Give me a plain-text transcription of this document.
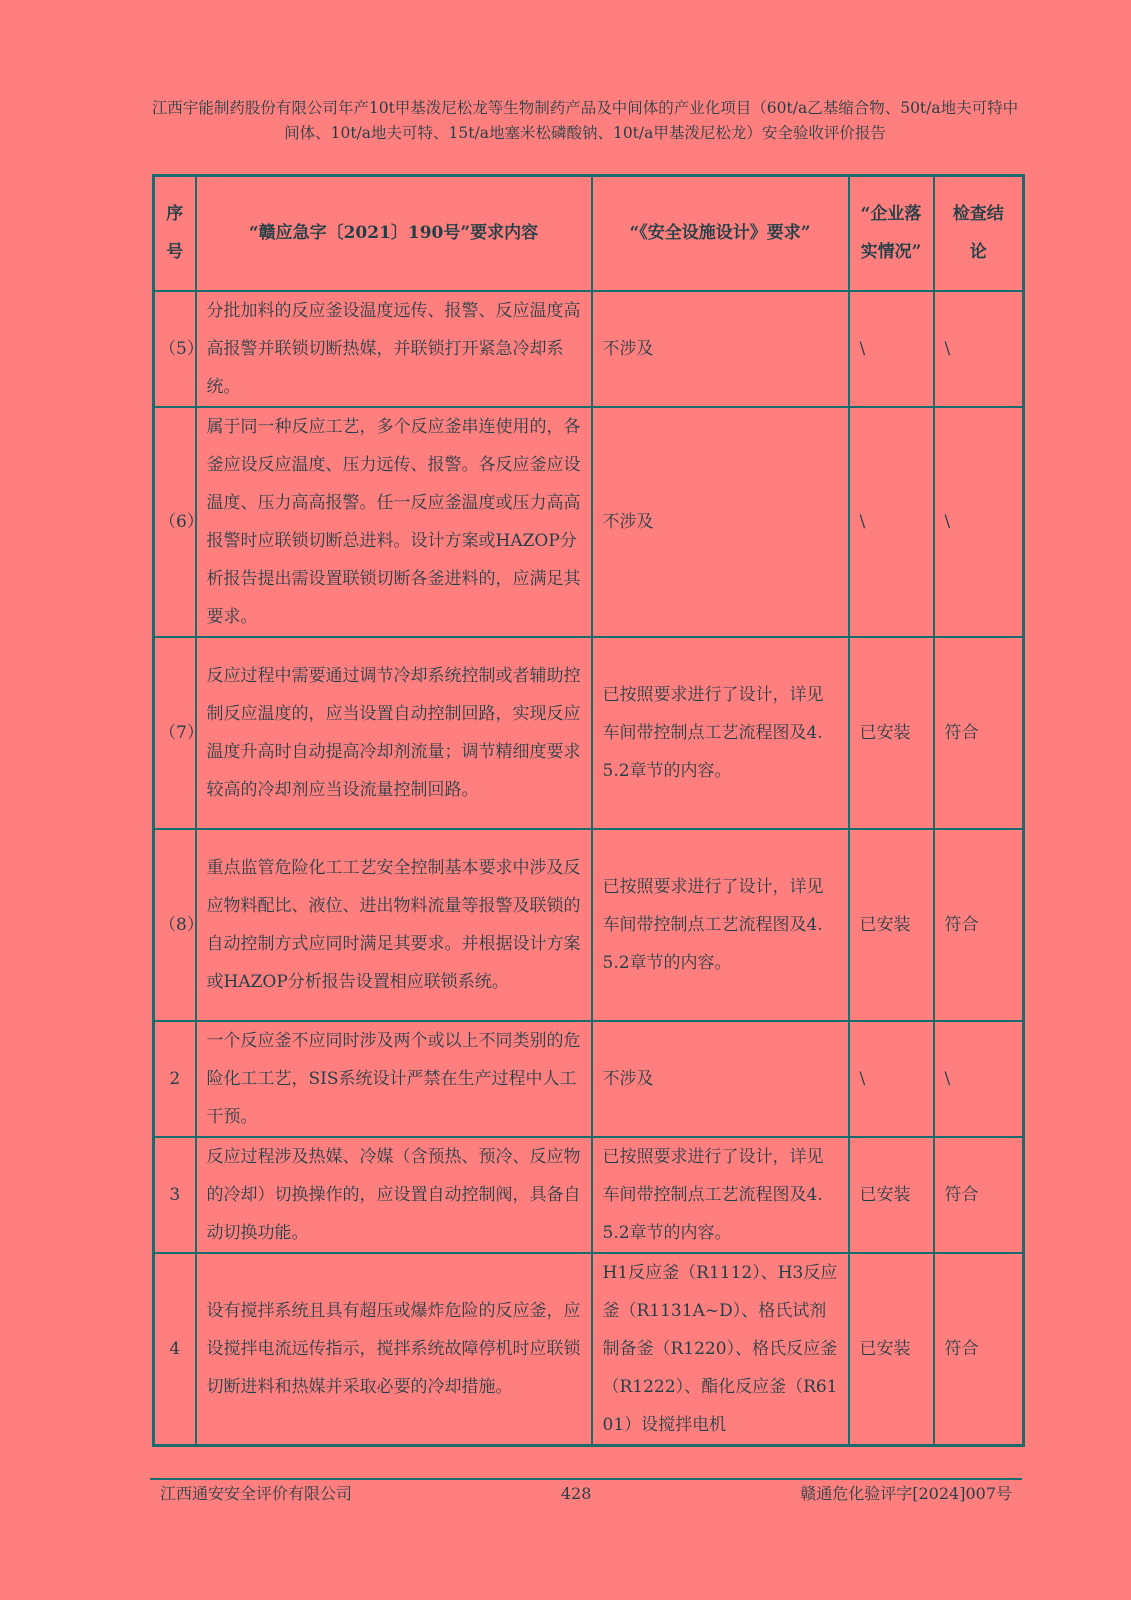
江西宇能制药股份有限公司年产10t甲基泼尼松龙等生物制药产品及中间体的产业化项目（60t/a乙基缩合物、50t/a地夫可特中间体、10t/a地夫可特、15t/a地塞米松磷酸钠、10t/a甲基泼尼松龙）安全验收评价报告
序号	“赣应急字〔2021〕190号”要求内容	“《安全设施设计》要求”	“企业落实情况”	检查结论
（5）	分批加料的反应釜设温度远传、报警、反应温度高高报警并联锁切断热媒，并联锁打开紧急冷却系统。	不涉及	\	\
（6）	属于同一种反应工艺，多个反应釜串连使用的，各釜应设反应温度、压力远传、报警。各反应釜应设温度、压力高高报警。任一反应釜温度或压力高高报警时应联锁切断总进料。设计方案或HAZOP分析报告提出需设置联锁切断各釜进料的，应满足其要求。	不涉及	\	\
（7）	反应过程中需要通过调节冷却系统控制或者辅助控制反应温度的，应当设置自动控制回路，实现反应温度升高时自动提高冷却剂流量；调节精细度要求较高的冷却剂应当设流量控制回路。	已按照要求进行了设计，详见车间带控制点工艺流程图及4.5.2章节的内容。	已安装	符合
（8）	重点监管危险化工工艺安全控制基本要求中涉及反应物料配比、液位、进出物料流量等报警及联锁的自动控制方式应同时满足其要求。并根据设计方案或HAZOP分析报告设置相应联锁系统。	已按照要求进行了设计，详见车间带控制点工艺流程图及4.5.2章节的内容。	已安装	符合
2	一个反应釜不应同时涉及两个或以上不同类别的危险化工工艺，SIS系统设计严禁在生产过程中人工干预。	不涉及	\	\
3	反应过程涉及热媒、冷媒（含预热、预冷、反应物的冷却）切换操作的，应设置自动控制阀，具备自动切换功能。	已按照要求进行了设计，详见车间带控制点工艺流程图及4.5.2章节的内容。	已安装	符合
4	设有搅拌系统且具有超压或爆炸危险的反应釜，应设搅拌电流远传指示，搅拌系统故障停机时应联锁切断进料和热媒并采取必要的冷却措施。	H1反应釜（R1112）、H3反应釜（R1131A~D）、格氏试剂制备釜（R1220）、格氏反应釜（R1222）、酯化反应釜（R6101）设搅拌电机	已安装	符合
江西通安安全评价有限公司	428	赣通危化验评字[2024]007号
